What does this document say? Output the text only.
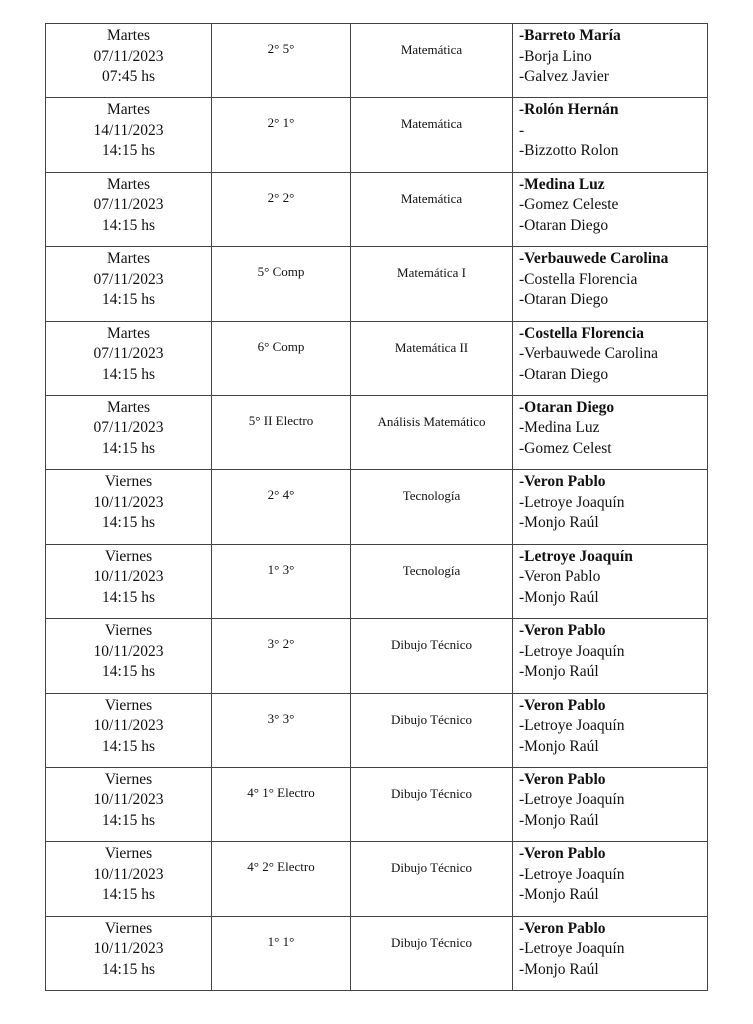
Martes
07/11/2023
07:45 hs	2° 5°	Matemática	-Barreto María
-Borja Lino
-Galvez Javier

Martes
14/11/2023
14:15 hs	2° 1°	Matemática	-Rolón Hernán
-
-Bizzotto Rolon

Martes
07/11/2023
14:15 hs	2° 2°	Matemática	-Medina Luz
-Gomez Celeste
-Otaran Diego

Martes
07/11/2023
14:15 hs	5° Comp	Matemática I	-Verbauwede Carolina
-Costella Florencia
-Otaran Diego

Martes
07/11/2023
14:15 hs	6° Comp	Matemática II	-Costella Florencia
-Verbauwede Carolina
-Otaran Diego

Martes
07/11/2023
14:15 hs	5° II Electro	Análisis Matemático	-Otaran Diego
-Medina Luz
-Gomez Celest

Viernes
10/11/2023
14:15 hs	2° 4°	Tecnología	-Veron Pablo
-Letroye Joaquín
-Monjo Raúl

Viernes
10/11/2023
14:15 hs	1° 3°	Tecnología	-Letroye Joaquín
-Veron Pablo
-Monjo Raúl

Viernes
10/11/2023
14:15 hs	3° 2°	Dibujo Técnico	-Veron Pablo
-Letroye Joaquín
-Monjo Raúl

Viernes
10/11/2023
14:15 hs	3° 3°	Dibujo Técnico	-Veron Pablo
-Letroye Joaquín
-Monjo Raúl

Viernes
10/11/2023
14:15 hs	4° 1° Electro	Dibujo Técnico	-Veron Pablo
-Letroye Joaquín
-Monjo Raúl

Viernes
10/11/2023
14:15 hs	4° 2° Electro	Dibujo Técnico	-Veron Pablo
-Letroye Joaquín
-Monjo Raúl

Viernes
10/11/2023
14:15 hs	1° 1°	Dibujo Técnico	-Veron Pablo
-Letroye Joaquín
-Monjo Raúl
